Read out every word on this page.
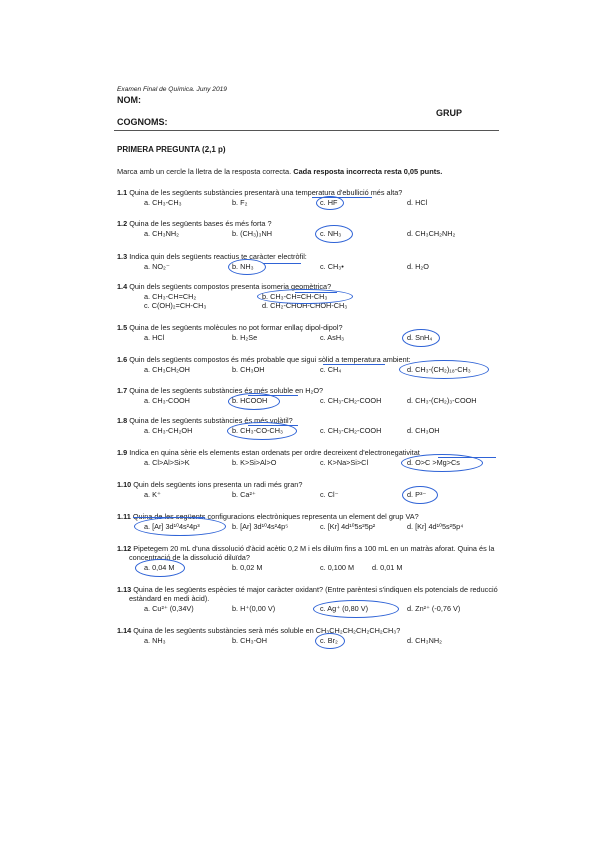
Examen Final de Química. Juny 2019
NOM:
GRUP
COGNOMS:
PRIMERA PREGUNTA (2,1 p)
Marca amb un cercle la lletra de la resposta correcta. Cada resposta incorrecta resta 0,05 punts.
1.1 Quina de les següents substàncies presentarà una temperatura d'ebullició més alta?
a. CH₃-CH₃	b. F₂	c. HF	d. HCl
1.2 Quina de les següents bases és més forta ?
a. CH₃NH₂	b. (CH₃)₃NH	c. NH₃	d. CH₃CH₂NH₂
1.3 Indica quin dels següents reactius te caràcter electròfil:
a. NO₂⁻	b. NH₃	c. CH₃•	d. H₂O
1.4 Quin dels següents compostos presenta isomeria geomètrica?
a. CH₃-CH=CH₂	b. CH₃-CH=CH-CH₃
c. C(OH)₂=CH-CH₃	d. CH₂-CHOH-CHOH-CH₃
1.5 Quina de les següents molècules no pot formar enllaç dipol-dipol?
a. HCl	b. H₂Se	c. AsH₃	d. SnH₄
1.6 Quin dels següents compostos és més probable que sigui sòlid a temperatura ambient:
a. CH₃CH₂OH	b. CH₃OH	c. CH₄	d. CH₃-(CH₂)₁₈-CH₃
1.7 Quina de les següents substàncies és més soluble en H₂O?
a. CH₃-COOH	b. HCOOH	c. CH₃-CH₂-COOH	d. CH₃-(CH₂)₃-COOH
1.8 Quina de les següents substàncies és més volàtil?
a. CH₃-CH₂OH	b. CH₃-CO-CH₃	c. CH₃-CH₂-COOH	d. CH₃OH
1.9 Indica en quina sèrie els elements estan ordenats per ordre decreixent d'electronegativitat
a. Cl>Al>Si>K	b. K>Si>Al>O	c. K>Na>Si>Cl	d. O>C >Mg>Cs
1.10 Quin dels següents ions presenta un radi més gran?
a. K⁺	b. Ca²⁺	c. Cl⁻	d. P³⁻
1.11 Quina de les següents
configuracions electròniques representa un element del grup VA?
a. [Ar] 3d¹⁰4s²4p³	b. [Ar] 3d¹⁰4s²4p⁵	c. [Kr] 4d¹⁰5s²5p²	d. [Kr] 4d¹⁰5s²5p⁴
1.12 Pipetegem 20 mL d'una dissolució d'àcid acètic 0,2 M i els diluïm fins a 100 mL en un matràs aforat. Quina és la concentració de la dissolució diluïda?
a. 0,04 M	b. 0,02 M	c. 0,100 M d. 0,01 M
1.13 Quina de les següents espècies té major caràcter oxidant? (Entre parèntesi s'indiquen els potencials de reducció estàndard en medi àcid).
a. Cu²⁺ (0,34V)	b. H⁺(0,00 V)	c. Ag⁺ (0,80 V)	d. Zn²⁺ (-0,76 V)
1.14 Quina de les següents substàncies serà més soluble en CH₃CH₂CH₂CH₂CH₂CH₃?
a. NH₃	b. CH₃-OH	c. Br₂	d. CH₃NH₂
